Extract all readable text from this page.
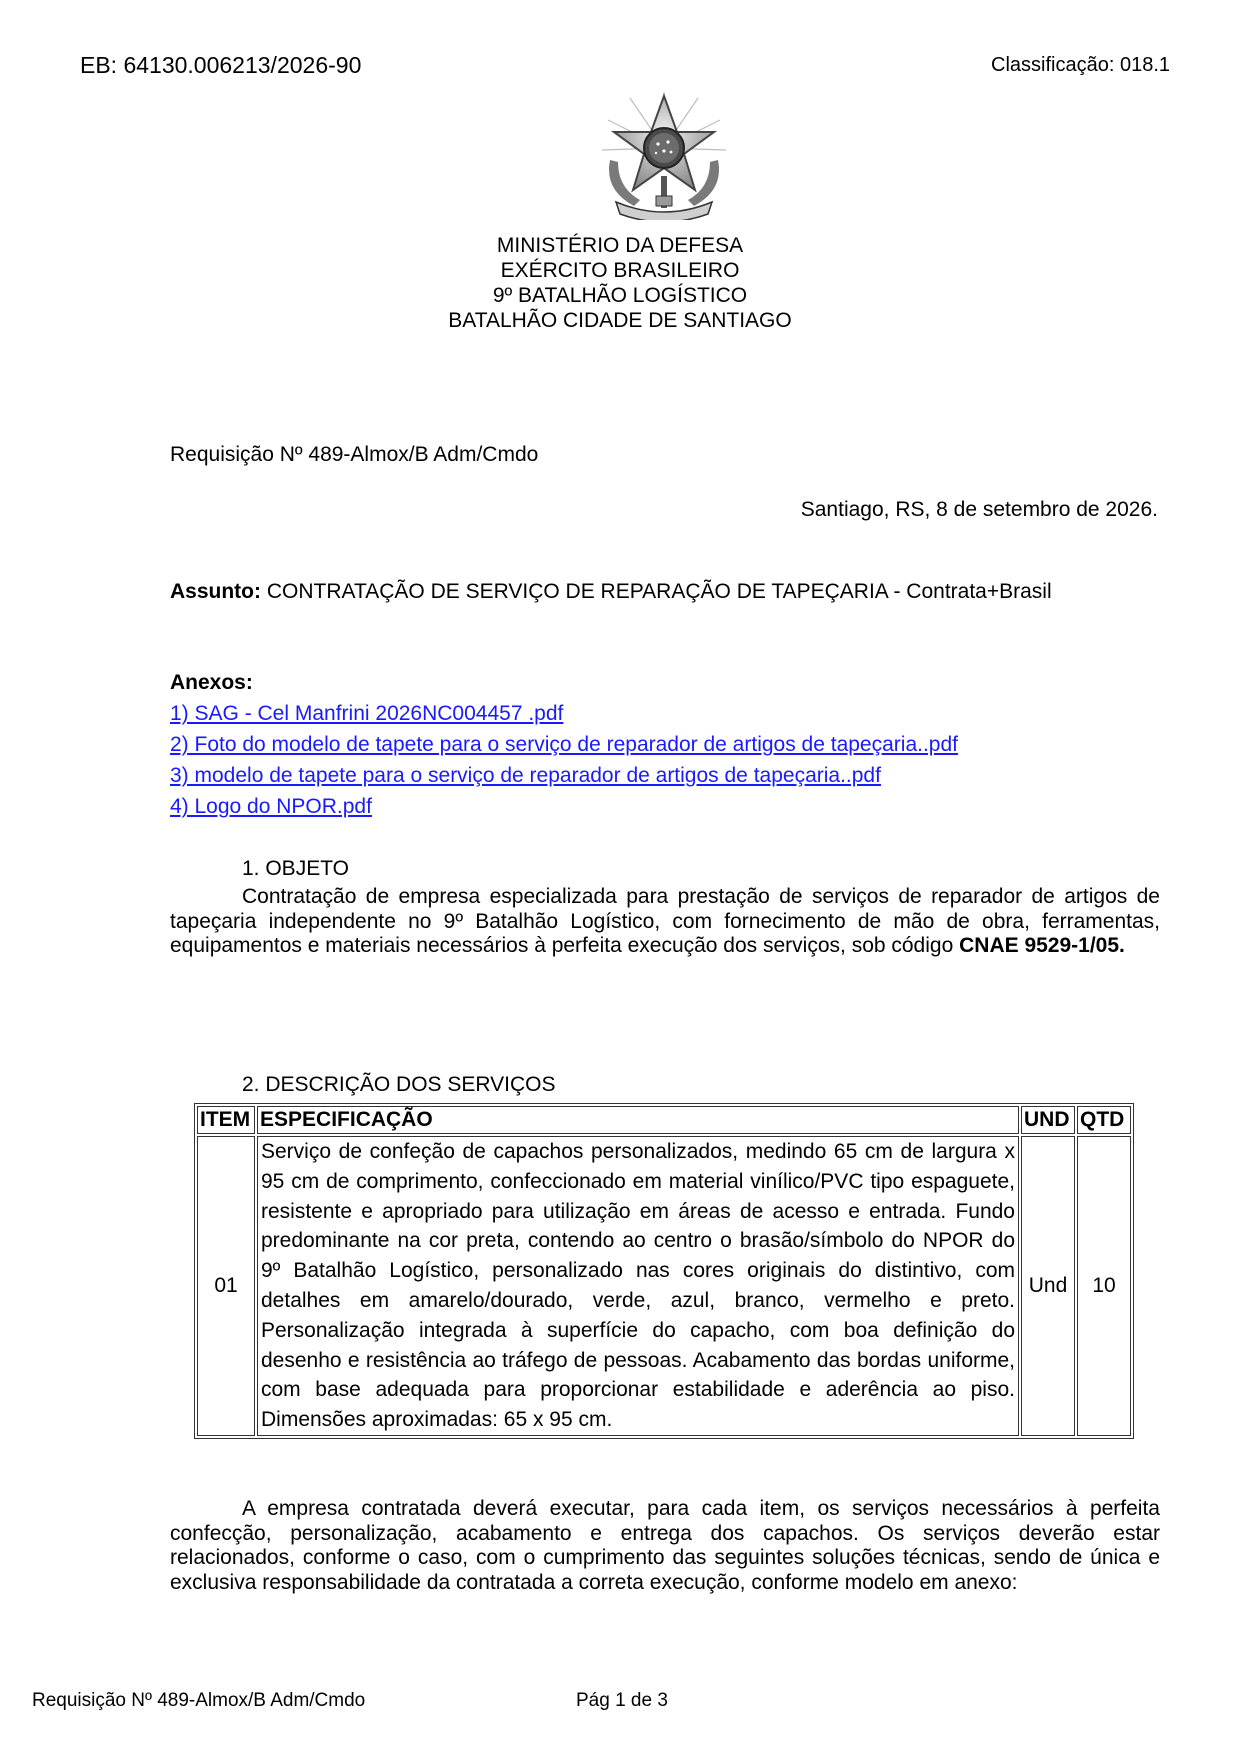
EB: 64130.006213/2026-90	Classificação: 018.1
MINISTÉRIO DA DEFESA
EXÉRCITO BRASILEIRO
9º BATALHÃO LOGÍSTICO
BATALHÃO CIDADE DE SANTIAGO
Requisição Nº 489-Almox/B Adm/Cmdo
Santiago, RS, 8 de setembro de 2026.
Assunto: CONTRATAÇÃO DE SERVIÇO DE REPARAÇÃO DE TAPEÇARIA - Contrata+Brasil
Anexos:
1) SAG - Cel Manfrini 2026NC004457 .pdf
2) Foto do modelo de tapete para o serviço de reparador de artigos de tapeçaria..pdf
3) modelo de tapete para o serviço de reparador de artigos de tapeçaria..pdf
4) Logo do NPOR.pdf
1. OBJETO
Contratação de empresa especializada para prestação de serviços de reparador de artigos de tapeçaria independente no 9º Batalhão Logístico, com fornecimento de mão de obra, ferramentas, equipamentos e materiais necessários à perfeita execução dos serviços, sob código CNAE 9529-1/05.
2. DESCRIÇÃO DOS SERVIÇOS
ITEM	ESPECIFICAÇÃO	UND	QTD
01	Serviço de confeção de capachos personalizados, medindo 65 cm de largura x 95 cm de comprimento, confeccionado em material vinílico/PVC tipo espaguete, resistente e apropriado para utilização em áreas de acesso e entrada. Fundo predominante na cor preta, contendo ao centro o brasão/símbolo do NPOR do 9º Batalhão Logístico, personalizado nas cores originais do distintivo, com detalhes em amarelo/dourado, verde, azul, branco, vermelho e preto. Personalização integrada à superfície do capacho, com boa definição do desenho e resistência ao tráfego de pessoas. Acabamento das bordas uniforme, com base adequada para proporcionar estabilidade e aderência ao piso. Dimensões aproximadas: 65 x 95 cm.	Und	10
A empresa contratada deverá executar, para cada item, os serviços necessários à perfeita confecção, personalização, acabamento e entrega dos capachos. Os serviços deverão estar relacionados, conforme o caso, com o cumprimento das seguintes soluções técnicas, sendo de única e exclusiva responsabilidade da contratada a correta execução, conforme modelo em anexo:
Requisição Nº 489-Almox/B Adm/Cmdo	Pág 1 de 3
